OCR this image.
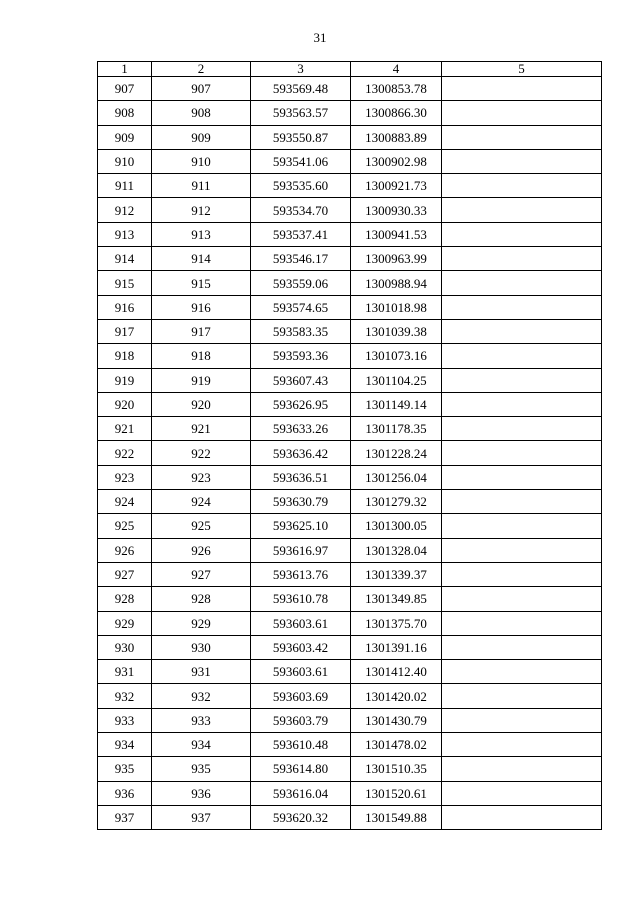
31
1	2	3	4	5
907	907	593569.48	1300853.78	
908	908	593563.57	1300866.30	
909	909	593550.87	1300883.89	
910	910	593541.06	1300902.98	
911	911	593535.60	1300921.73	
912	912	593534.70	1300930.33	
913	913	593537.41	1300941.53	
914	914	593546.17	1300963.99	
915	915	593559.06	1300988.94	
916	916	593574.65	1301018.98	
917	917	593583.35	1301039.38	
918	918	593593.36	1301073.16	
919	919	593607.43	1301104.25	
920	920	593626.95	1301149.14	
921	921	593633.26	1301178.35	
922	922	593636.42	1301228.24	
923	923	593636.51	1301256.04	
924	924	593630.79	1301279.32	
925	925	593625.10	1301300.05	
926	926	593616.97	1301328.04	
927	927	593613.76	1301339.37	
928	928	593610.78	1301349.85	
929	929	593603.61	1301375.70	
930	930	593603.42	1301391.16	
931	931	593603.61	1301412.40	
932	932	593603.69	1301420.02	
933	933	593603.79	1301430.79	
934	934	593610.48	1301478.02	
935	935	593614.80	1301510.35	
936	936	593616.04	1301520.61	
937	937	593620.32	1301549.88	
